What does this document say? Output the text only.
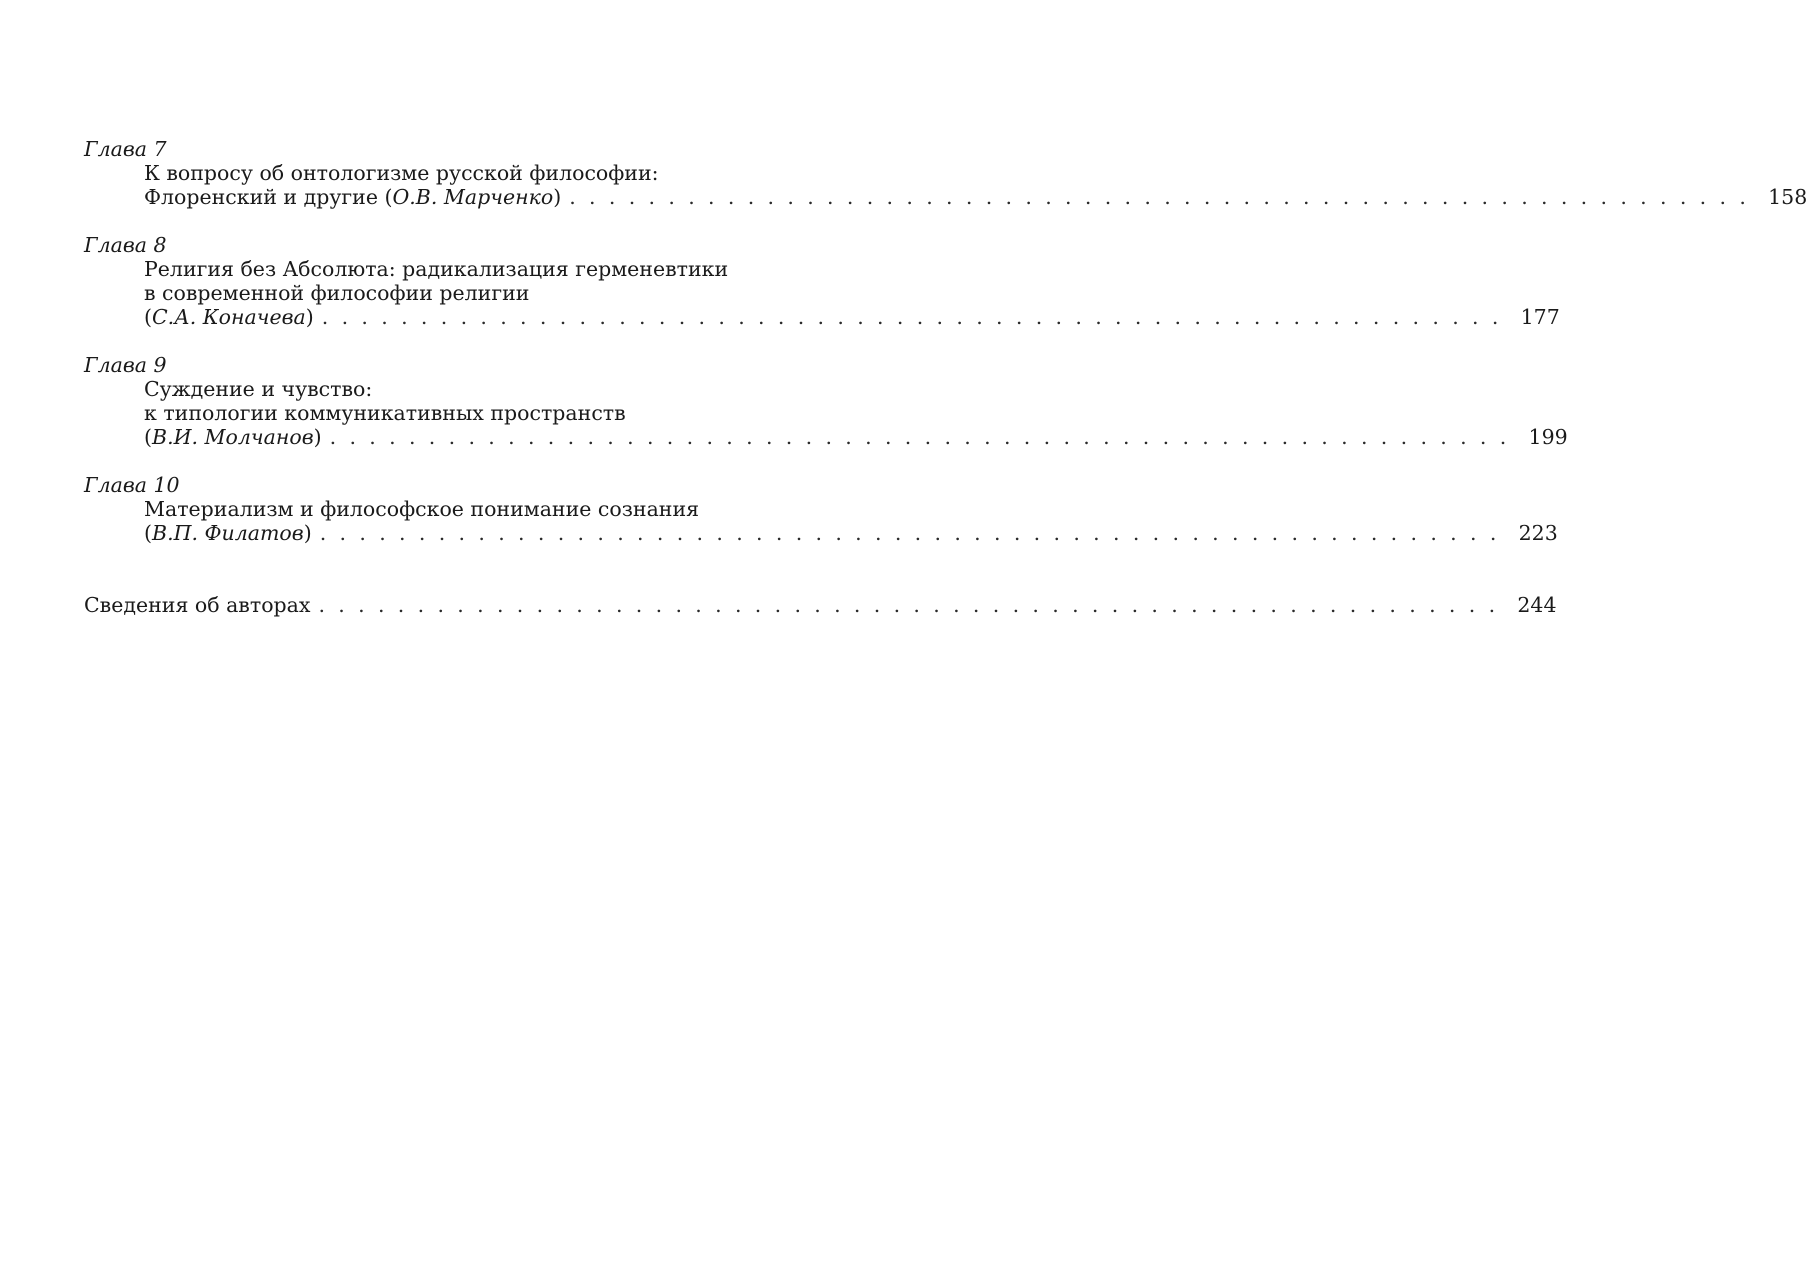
Глава 7
К вопросу об онтологизме русской философии:
Флоренский и другие (О.В. Марченко) . . . . . . . . . . . . . . . . . . . . . . . . . . . . . . . . . . . . . . . . . . . . . . . . . . . . . . . . . . . . 158
Глава 8
Религия без Абсолюта: радикализация герменевтики
в современной философии религии
(С.А. Коначева) . . . . . . . . . . . . . . . . . . . . . . . . . . . . . . . . . . . . . . . . . . . . . . . . . . . . . . . . . . . . 177
Глава 9
Суждение и чувство:
к типологии коммуникативных пространств
(В.И. Молчанов) . . . . . . . . . . . . . . . . . . . . . . . . . . . . . . . . . . . . . . . . . . . . . . . . . . . . . . . . . . . . 199
Глава 10
Материализм и философское понимание сознания
(В.П. Филатов) . . . . . . . . . . . . . . . . . . . . . . . . . . . . . . . . . . . . . . . . . . . . . . . . . . . . . . . . . . . . 223
Сведения об авторах . . . . . . . . . . . . . . . . . . . . . . . . . . . . . . . . . . . . . . . . . . . . . . . . . . . . . . . . . . . . 244
